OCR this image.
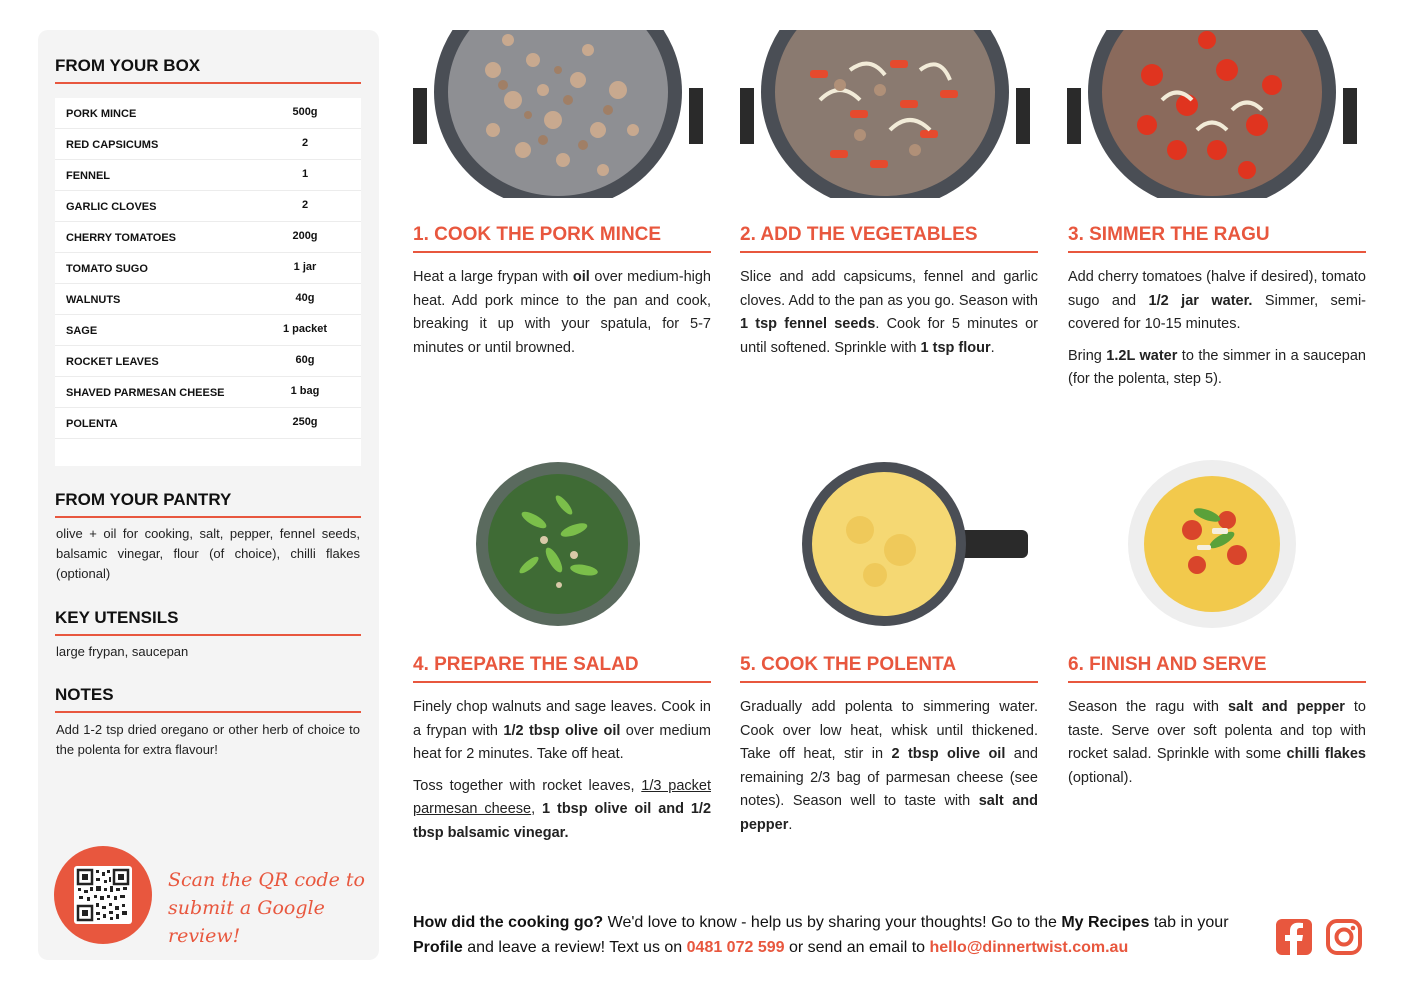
FROM YOUR BOX
PORK MINCE	500g
RED CAPSICUMS	2
FENNEL	1
GARLIC CLOVES	2
CHERRY TOMATOES	200g
TOMATO SUGO	1 jar
WALNUTS	40g
SAGE	1 packet
ROCKET LEAVES	60g
SHAVED PARMESAN CHEESE	1 bag
POLENTA	250g
FROM YOUR PANTRY
olive + oil for cooking, salt, pepper, fennel seeds, balsamic vinegar, flour (of choice), chilli flakes (optional)
KEY UTENSILS
large frypan, saucepan
NOTES
Add 1-2 tsp dried oregano or other herb of choice to the polenta for extra flavour!
Scan the QR code to
submit a Google review!
1. COOK THE PORK MINCE

Heat a large frypan with oil over medium-high heat. Add pork mince to the pan and cook, breaking it up with your spatula, for 5-7 minutes or until browned.

2. ADD THE VEGETABLES

Slice and add capsicums, fennel and garlic cloves. Add to the pan as you go. Season with 1 tsp fennel seeds. Cook for 5 minutes or until softened. Sprinkle with 1 tsp flour.

3. SIMMER THE RAGU

Add cherry tomatoes (halve if desired), tomato sugo and 1/2 jar water. Simmer, semi-covered for 10-15 minutes.

Bring 1.2L water to the simmer in a saucepan (for the polenta, step 5).

4. PREPARE THE SALAD

Finely chop walnuts and sage leaves. Cook in a frypan with 1/2 tbsp olive oil over medium heat for 2 minutes. Take off heat.

Toss together with rocket leaves, 1/3 packet parmesan cheese, 1 tbsp olive oil and 1/2 tbsp balsamic vinegar.

5. COOK THE POLENTA

Gradually add polenta to simmering water. Cook over low heat, whisk until thickened. Take off heat, stir in 2 tbsp olive oil and remaining 2/3 bag of parmesan cheese (see notes). Season well to taste with salt and pepper.

6. FINISH AND SERVE

Season the ragu with salt and pepper to taste. Serve over soft polenta and top with rocket salad. Sprinkle with some chilli flakes (optional).

How did the cooking go? We'd love to know - help us by sharing your thoughts! Go to the My Recipes tab in your Profile and leave a review! Text us on 0481 072 599 or send an email to hello@dinnertwist.com.au
